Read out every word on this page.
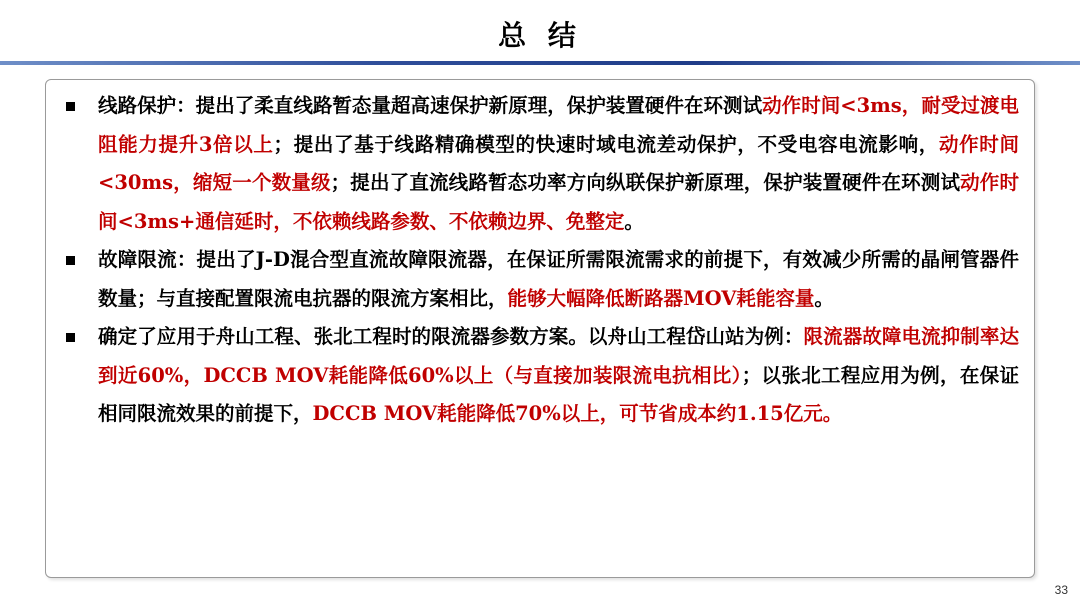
总 结
线路保护：提出了柔直线路暂态量超高速保护新原理，保护装置硬件在环测试动作时间<3ms，耐受过渡电阻能力提升3倍以上；提出了基于线路精确模型的快速时域电流差动保护，不受电容电流影响，动作时间<30ms，缩短一个数量级；提出了直流线路暂态功率方向纵联保护新原理，保护装置硬件在环测试动作时间<3ms+通信延时，不依赖线路参数、不依赖边界、免整定。
故障限流：提出了J-D混合型直流故障限流器，在保证所需限流需求的前提下，有效减少所需的晶闸管器件数量；与直接配置限流电抗器的限流方案相比，能够大幅降低断路器MOV耗能容量。
确定了应用于舟山工程、张北工程时的限流器参数方案。以舟山工程岱山站为例：限流器故障电流抑制率达到近60%，DCCB MOV耗能降低60%以上（与直接加装限流电抗相比）；以张北工程应用为例，在保证相同限流效果的前提下，DCCB MOV耗能降低70%以上，可节省成本约1.15亿元。
33
